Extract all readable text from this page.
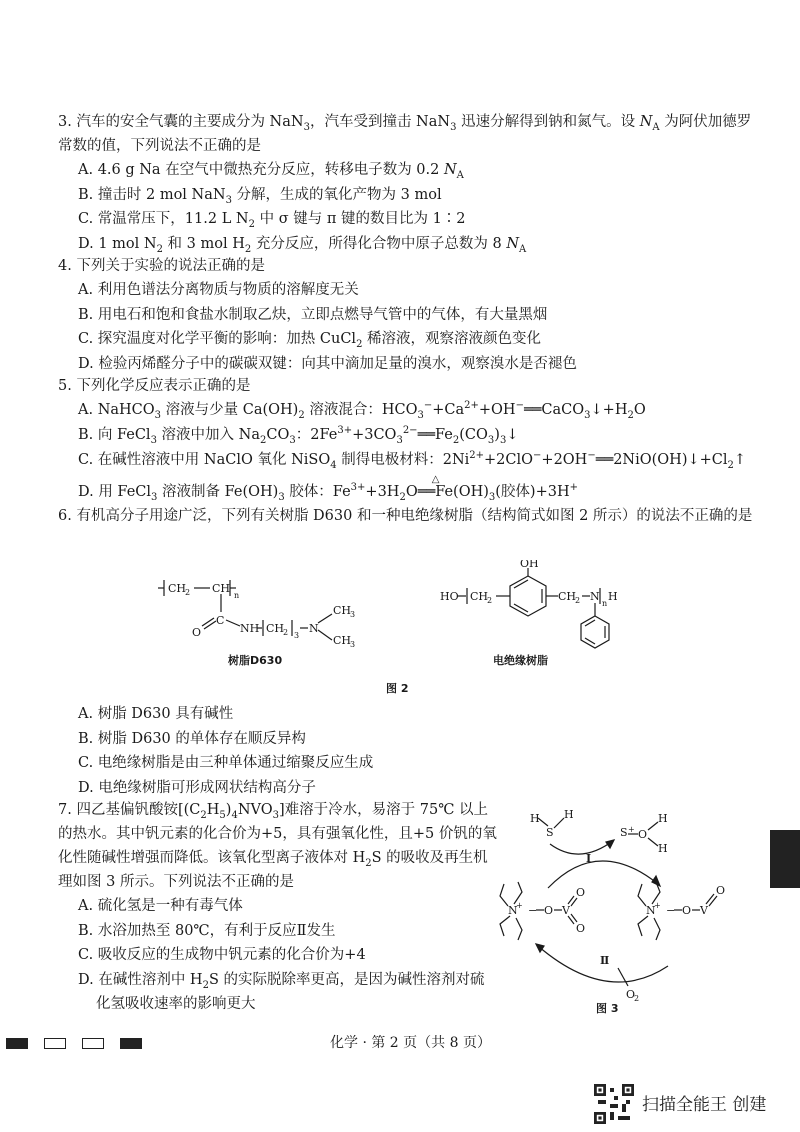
3. 汽车的安全气囊的主要成分为 NaN$_3$，汽车受到撞击 NaN$_3$ 迅速分解得到钠和氮气。设 $N_A$ 为阿伏加德罗常数的值，下列说法不正确的是
A. 4.6 g Na 在空气中微热充分反应，转移电子数为 0.2 $N_A$
B. 撞击时 2 mol NaN$_3$ 分解，生成的氧化产物为 3 mol
C. 常温常压下，11.2 L $N_2$ 中 σ 键与 π 键的数目比为 1∶2
D. 1 mol $N_2$ 和 3 mol $H_2$ 充分反应，所得化合物中原子总数为 8 $N_A$
4. 下列关于实验的说法正确的是
A. 利用色谱法分离物质与物质的溶解度无关
B. 用电石和饱和食盐水制取乙炔，立即点燃导气管中的气体，有大量黑烟
C. 探究温度对化学平衡的影响：加热 CuCl$_2$ 稀溶液，观察溶液颜色变化
D. 检验丙烯醛分子中的碳碳双键：向其中滴加足量的溴水，观察溴水是否褪色
5. 下列化学反应表示正确的是
A. NaHCO$_3$ 溶液与少量 $Ca(OH)_2$ 溶液混合：$HCO_3^-+Ca^{2+}+OH^-══CaCO_3↓+H_2O$
B. 向 FeCl$_3$ 溶液中加入 $Na_2CO_3$：$2Fe^{3+}+3CO_3^{2-}══Fe_2(CO_3)_3↓$
C. 在碱性溶液中用 NaClO 氧化 NiSO$_4$ 制得电极材料：$2Ni^{2+}+2ClO^-+2OH^-══2NiO(OH)↓+Cl_2↑$
D. 用 FeCl$_3$ 溶液制备 $Fe(OH)_3$ 胶体：$Fe^{3+}+3H_2O$
△
$══Fe(OH)_3$(胶体)+3H+
6. 有机高分子用途广泛，下列有关树脂 D630 和一种电绝缘树脂（结构简式如图 2 所示）的说法不正确的是
CH
2 CH
n
C
O	NH CH
2 3
N
CH
3
CH
3
树脂D630
HO CH
2
OH
CH
2 N
n
H
电绝缘树脂
图 2
A. 树脂 D630 具有碱性
B. 树脂 D630 的单体存在顺反异构
C. 电绝缘树脂是由三种单体通过缩聚反应生成
D. 电绝缘树脂可形成网状结构高分子
7. 四乙基偏钒酸铵$[(C_2H_5)_4NVO_3]$难溶于冷水，易溶于 75℃ 以上的热水。其中钒元素的化合价为+5，具有强氧化性，且+5 价钒的氧化性随碱性增强而降低。该氧化型离子液体对 $H_2S$ 的吸收及再生机理如图 3 所示。下列说法不正确的是
A. 硫化氢是一种有毒气体
B. 水浴加热至 80℃，有利于反应Ⅱ发生
C. 吸收反应的生成物中钒元素的化合价为+4
D. 在碱性溶剂中 $H_2S$ 的实际脱除率更高，是因为碱性溶剂对硫化氢吸收速率的影响更大
H
S
H
S + O
H
H
Ⅰ
Ⅱ
O
2
N
+ − O V
O
O
N
+ − O V
O
图 3
化学 · 第 2 页（共 8 页）
扫描全能王 创建
